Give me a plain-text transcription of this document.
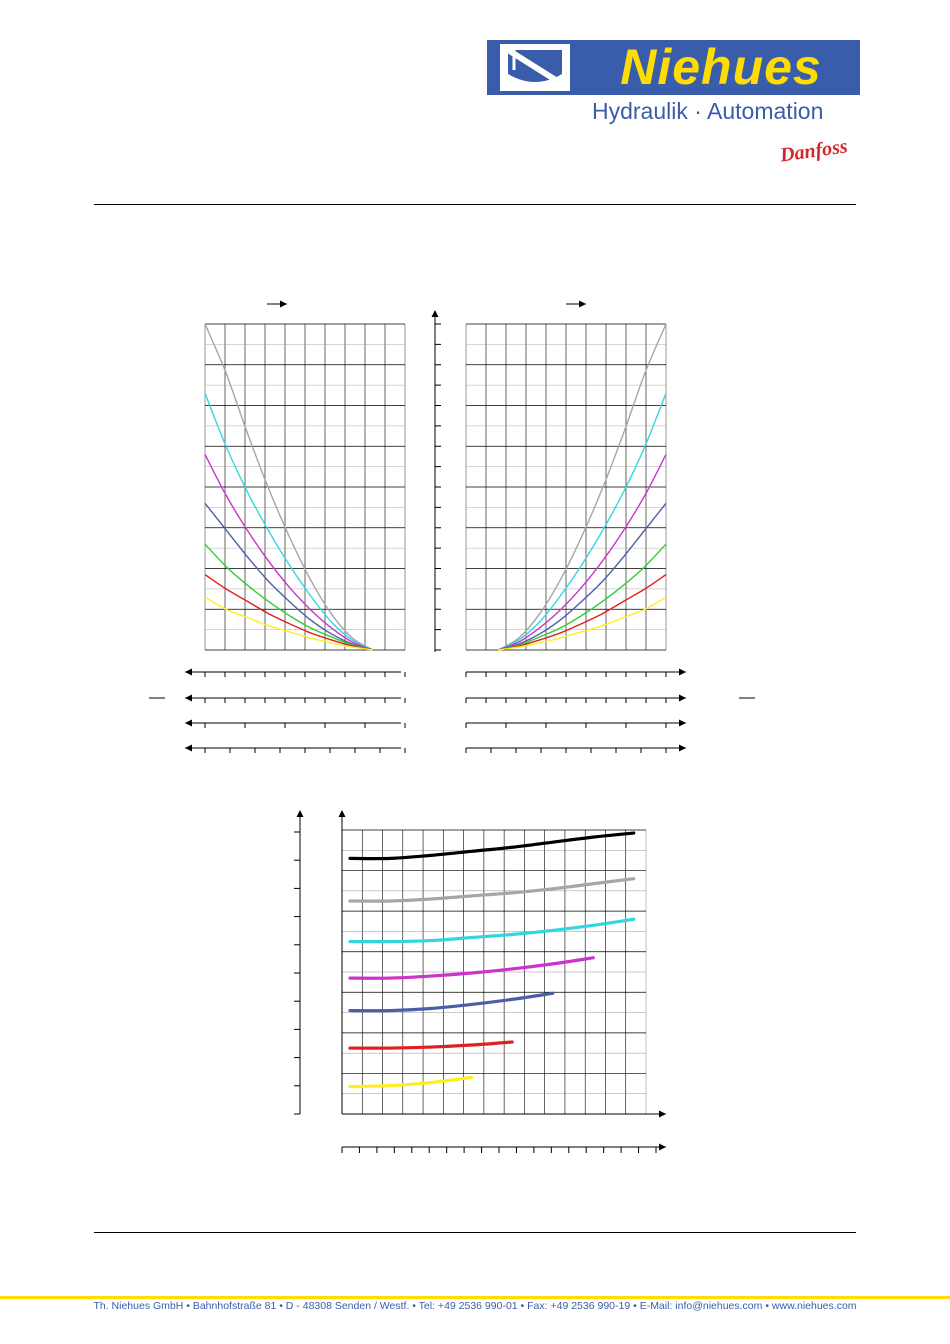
Niehues
Hydraulik · Automation
Danfoss
Th. Niehues GmbH • Bahnhofstraße 81 • D - 48308 Senden / Westf. • Tel: +49 2536 990-01 • Fax: +49 2536 990-19 • E-Mail: info@niehues.com • www.niehues.com
